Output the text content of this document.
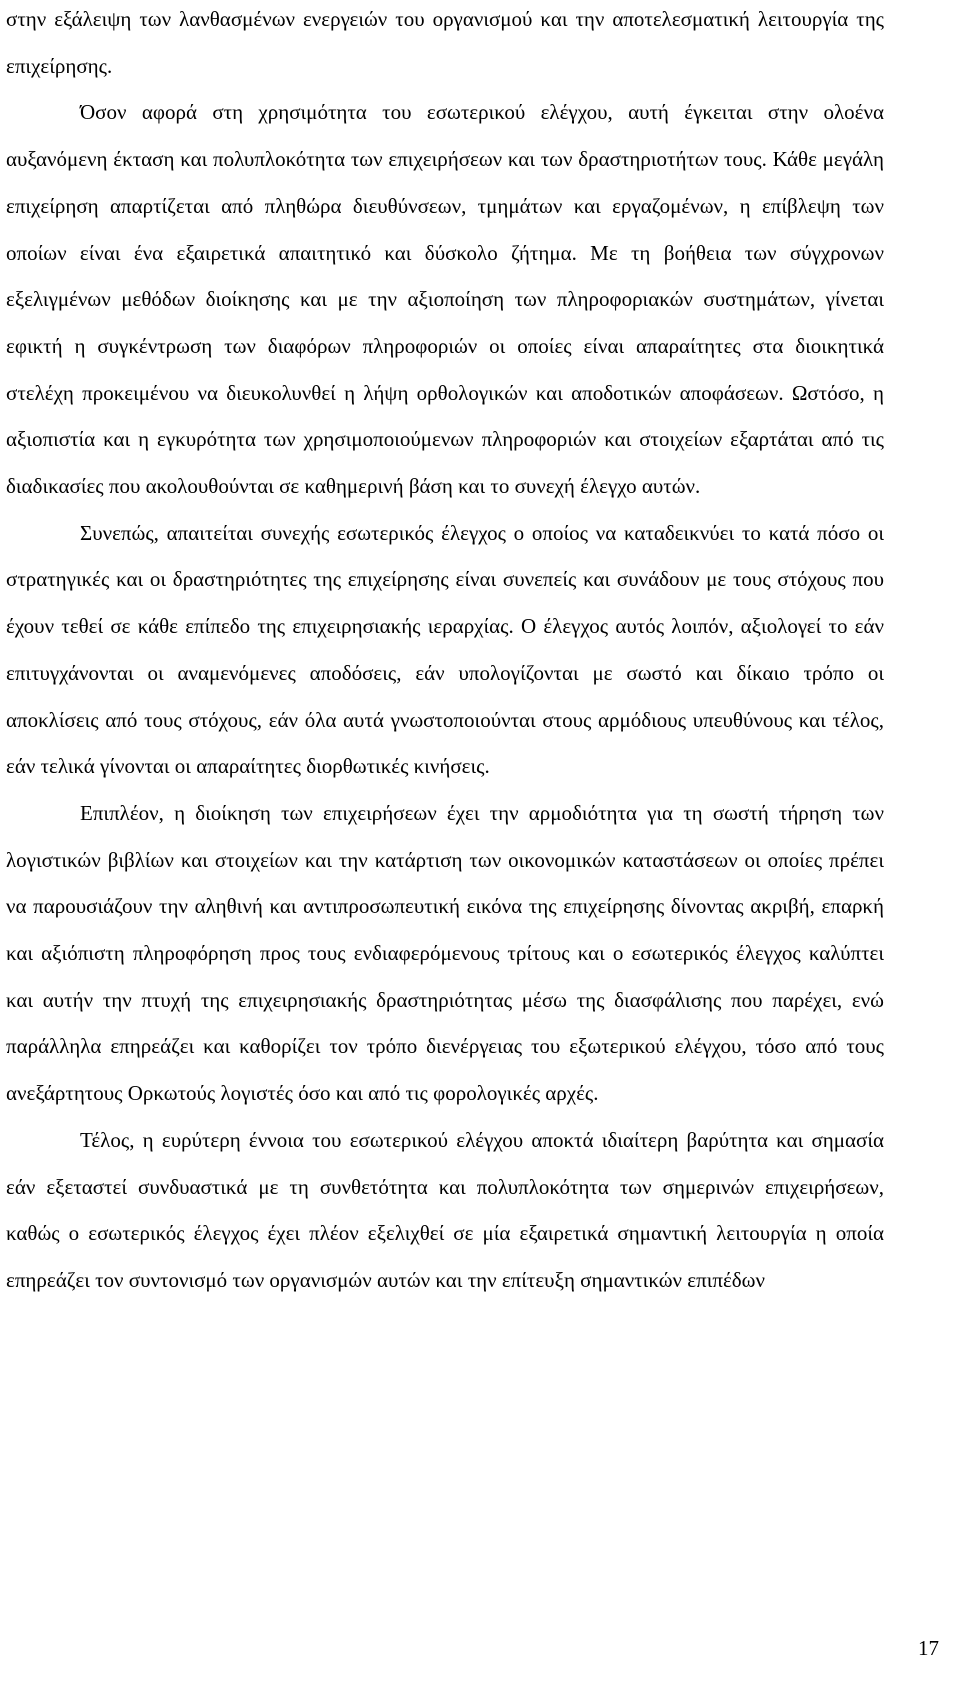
στην εξάλειψη των λανθασμένων ενεργειών του οργανισμού και την αποτελεσματική λειτουργία της επιχείρησης.

Όσον αφορά στη χρησιμότητα του εσωτερικού ελέγχου, αυτή έγκειται στην ολοένα αυξανόμενη έκταση και πολυπλοκότητα των επιχειρήσεων και των δραστηριοτήτων τους. Κάθε μεγάλη επιχείρηση απαρτίζεται από πληθώρα διευθύνσεων, τμημάτων και εργαζομένων, η επίβλεψη των οποίων είναι ένα εξαιρετικά απαιτητικό και δύσκολο ζήτημα. Με τη βοήθεια των σύγχρονων εξελιγμένων μεθόδων διοίκησης και με την αξιοποίηση των πληροφοριακών συστημάτων, γίνεται εφικτή η συγκέντρωση των διαφόρων πληροφοριών οι οποίες είναι απαραίτητες στα διοικητικά στελέχη προκειμένου να διευκολυνθεί η λήψη ορθολογικών και αποδοτικών αποφάσεων. Ωστόσο, η αξιοπιστία και η εγκυρότητα των χρησιμοποιούμενων πληροφοριών και στοιχείων εξαρτάται από τις διαδικασίες που ακολουθούνται σε καθημερινή βάση και το συνεχή έλεγχο αυτών.

Συνεπώς, απαιτείται συνεχής εσωτερικός έλεγχος ο οποίος να καταδεικνύει το κατά πόσο οι στρατηγικές και οι δραστηριότητες της επιχείρησης είναι συνεπείς και συνάδουν με τους στόχους που έχουν τεθεί σε κάθε επίπεδο της επιχειρησιακής ιεραρχίας. Ο έλεγχος αυτός λοιπόν, αξιολογεί το εάν επιτυγχάνονται οι αναμενόμενες αποδόσεις, εάν υπολογίζονται με σωστό και δίκαιο τρόπο οι αποκλίσεις από τους στόχους, εάν όλα αυτά γνωστοποιούνται στους αρμόδιους υπευθύνους και τέλος, εάν τελικά γίνονται οι απαραίτητες διορθωτικές κινήσεις.

Επιπλέον, η διοίκηση των επιχειρήσεων έχει την αρμοδιότητα για τη σωστή τήρηση των λογιστικών βιβλίων και στοιχείων και την κατάρτιση των οικονομικών καταστάσεων οι οποίες πρέπει να παρουσιάζουν την αληθινή και αντιπροσωπευτική εικόνα της επιχείρησης δίνοντας ακριβή, επαρκή και αξιόπιστη πληροφόρηση προς τους ενδιαφερόμενους τρίτους και ο εσωτερικός έλεγχος καλύπτει και αυτήν την πτυχή της επιχειρησιακής δραστηριότητας μέσω της διασφάλισης που παρέχει, ενώ παράλληλα επηρεάζει και καθορίζει τον τρόπο διενέργειας του εξωτερικού ελέγχου, τόσο από τους ανεξάρτητους Ορκωτούς λογιστές όσο και από τις φορολογικές αρχές.

Τέλος, η ευρύτερη έννοια του εσωτερικού ελέγχου αποκτά ιδιαίτερη βαρύτητα και σημασία εάν εξεταστεί συνδυαστικά με τη συνθετότητα και πολυπλοκότητα των σημερινών επιχειρήσεων, καθώς ο εσωτερικός έλεγχος έχει πλέον εξελιχθεί σε μία εξαιρετικά σημαντική λειτουργία η οποία επηρεάζει τον συντονισμό των οργανισμών αυτών και την επίτευξη σημαντικών επιπέδων

17
